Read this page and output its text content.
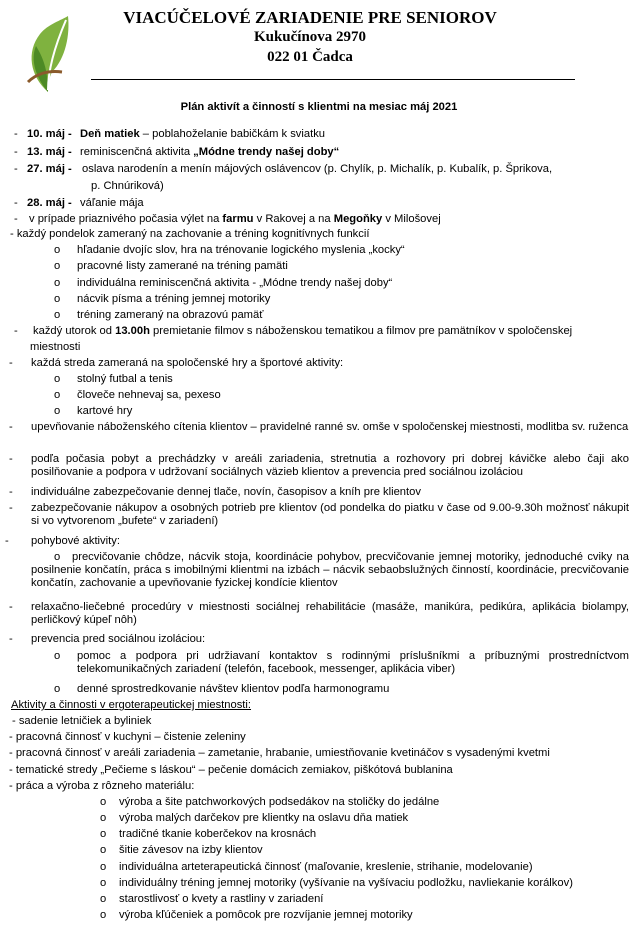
VIACÚČELOVÉ ZARIADENIE PRE SENIOROV
Kukučínova 2970
022 01 Čadca
Plán aktivít a činností s klientmi na mesiac máj 2021
- 10. máj - Deň matiek – poblahoželanie babičkám k sviatku
- 13. máj - reminiscenčná aktivita „Módne trendy našej doby“
- 27. máj - oslava narodenín a menín májových oslávencov (p. Chylík, p. Michalík, p. Kubalík, p. Šprikova,
p. Chnúriková)
- 28. máj - váľanie mája
- v prípade priaznivého počasia výlet na farmu v Rakovej a na Megoňky v Milošovej
- každý pondelok zameraný na zachovanie a tréning kognitívnych funkcií
o hľadanie dvojíc slov, hra na trénovanie logického myslenia „kocky“
o pracovné listy zamerané na tréning pamäti
o individuálna reminiscenčná aktivita - „Módne trendy našej doby“
o nácvik písma a tréning jemnej motoriky
o tréning zameraný na obrazovú pamäť
- každý utorok od 13.00h premietanie filmov s náboženskou tematikou a filmov pre pamätníkov v spoločenskej
miestnosti
- každá streda zameraná na spoločenské hry a športové aktivity:
o stolný futbal a tenis
o človeče nehnevaj sa, pexeso
o kartové hry
- upevňovanie náboženského cítenia klientov – pravidelné ranné sv. omše v spoločenskej miestnosti, modlitba sv. ruženca
- podľa počasia pobyt a prechádzky v areáli zariadenia, stretnutia a rozhovory pri dobrej kávičke alebo čaji ako posilňovanie a podpora v udržovaní sociálnych väzieb klientov a prevencia pred sociálnou izoláciou
- individuálne zabezpečovanie dennej tlače, novín, časopisov a kníh pre klientov
- zabezpečovanie nákupov a osobných potrieb pre klientov (od pondelka do piatku v čase od 9.00-9.30h možnosť nákupit si vo vytvorenom „bufete“ v zariadení)
- pohybové aktivity:
o	precvičovanie chôdze, nácvik stoja, koordinácie pohybov, precvičovanie jemnej motoriky, jednoduché cviky na posilnenie končatín, práca s imobilnými klientmi na izbách – nácvik sebaobslužných činností, koordinácie, precvičovanie končatín, zachovanie a upevňovanie fyzickej kondície klientov
- relaxačno-liečebné procedúry v miestnosti sociálnej rehabilitácie (masáže, manikúra, pedikúra, aplikácia biolampy, perličkový kúpeľ nôh)
- prevencia pred sociálnou izoláciou:
o pomoc a podpora pri udržiavaní kontaktov s rodinnými príslušníkmi a príbuznými prostredníctvom telekomunikačných zariadení (telefón, facebook, messenger, aplikácia viber)
o denné sprostredkovanie návštev klientov podľa harmonogramu
Aktivity a činnosti v ergoterapeutickej miestnosti:
- sadenie letničiek a byliniek
- pracovná činnosť v kuchyni – čistenie zeleniny
- pracovná činnosť v areáli zariadenia – zametanie, hrabanie, umiestňovanie kvetináčov s vysadenými kvetmi
- tematické stredy „Pečieme s láskou“ – pečenie domácich zemiakov, piškótová bublanina
- práca a výroba z rôzneho materiálu:
o výroba a šite patchworkových podsedákov na stoličky do jedálne
o výroba malých darčekov pre klientky na oslavu dňa matiek
o tradičné tkanie koberčekov na krosnách
o šitie závesov na izby klientov
o individuálna arteterapeutická činnosť (maľovanie, kreslenie, strihanie, modelovanie)
o individuálny tréning jemnej motoriky (vyšívanie na vyšívaciu podložku, navliekanie korálkov)
o starostlivosť o kvety a rastliny v zariadení
o výroba kľúčeniek a pomôcok pre rozvíjanie jemnej motoriky
